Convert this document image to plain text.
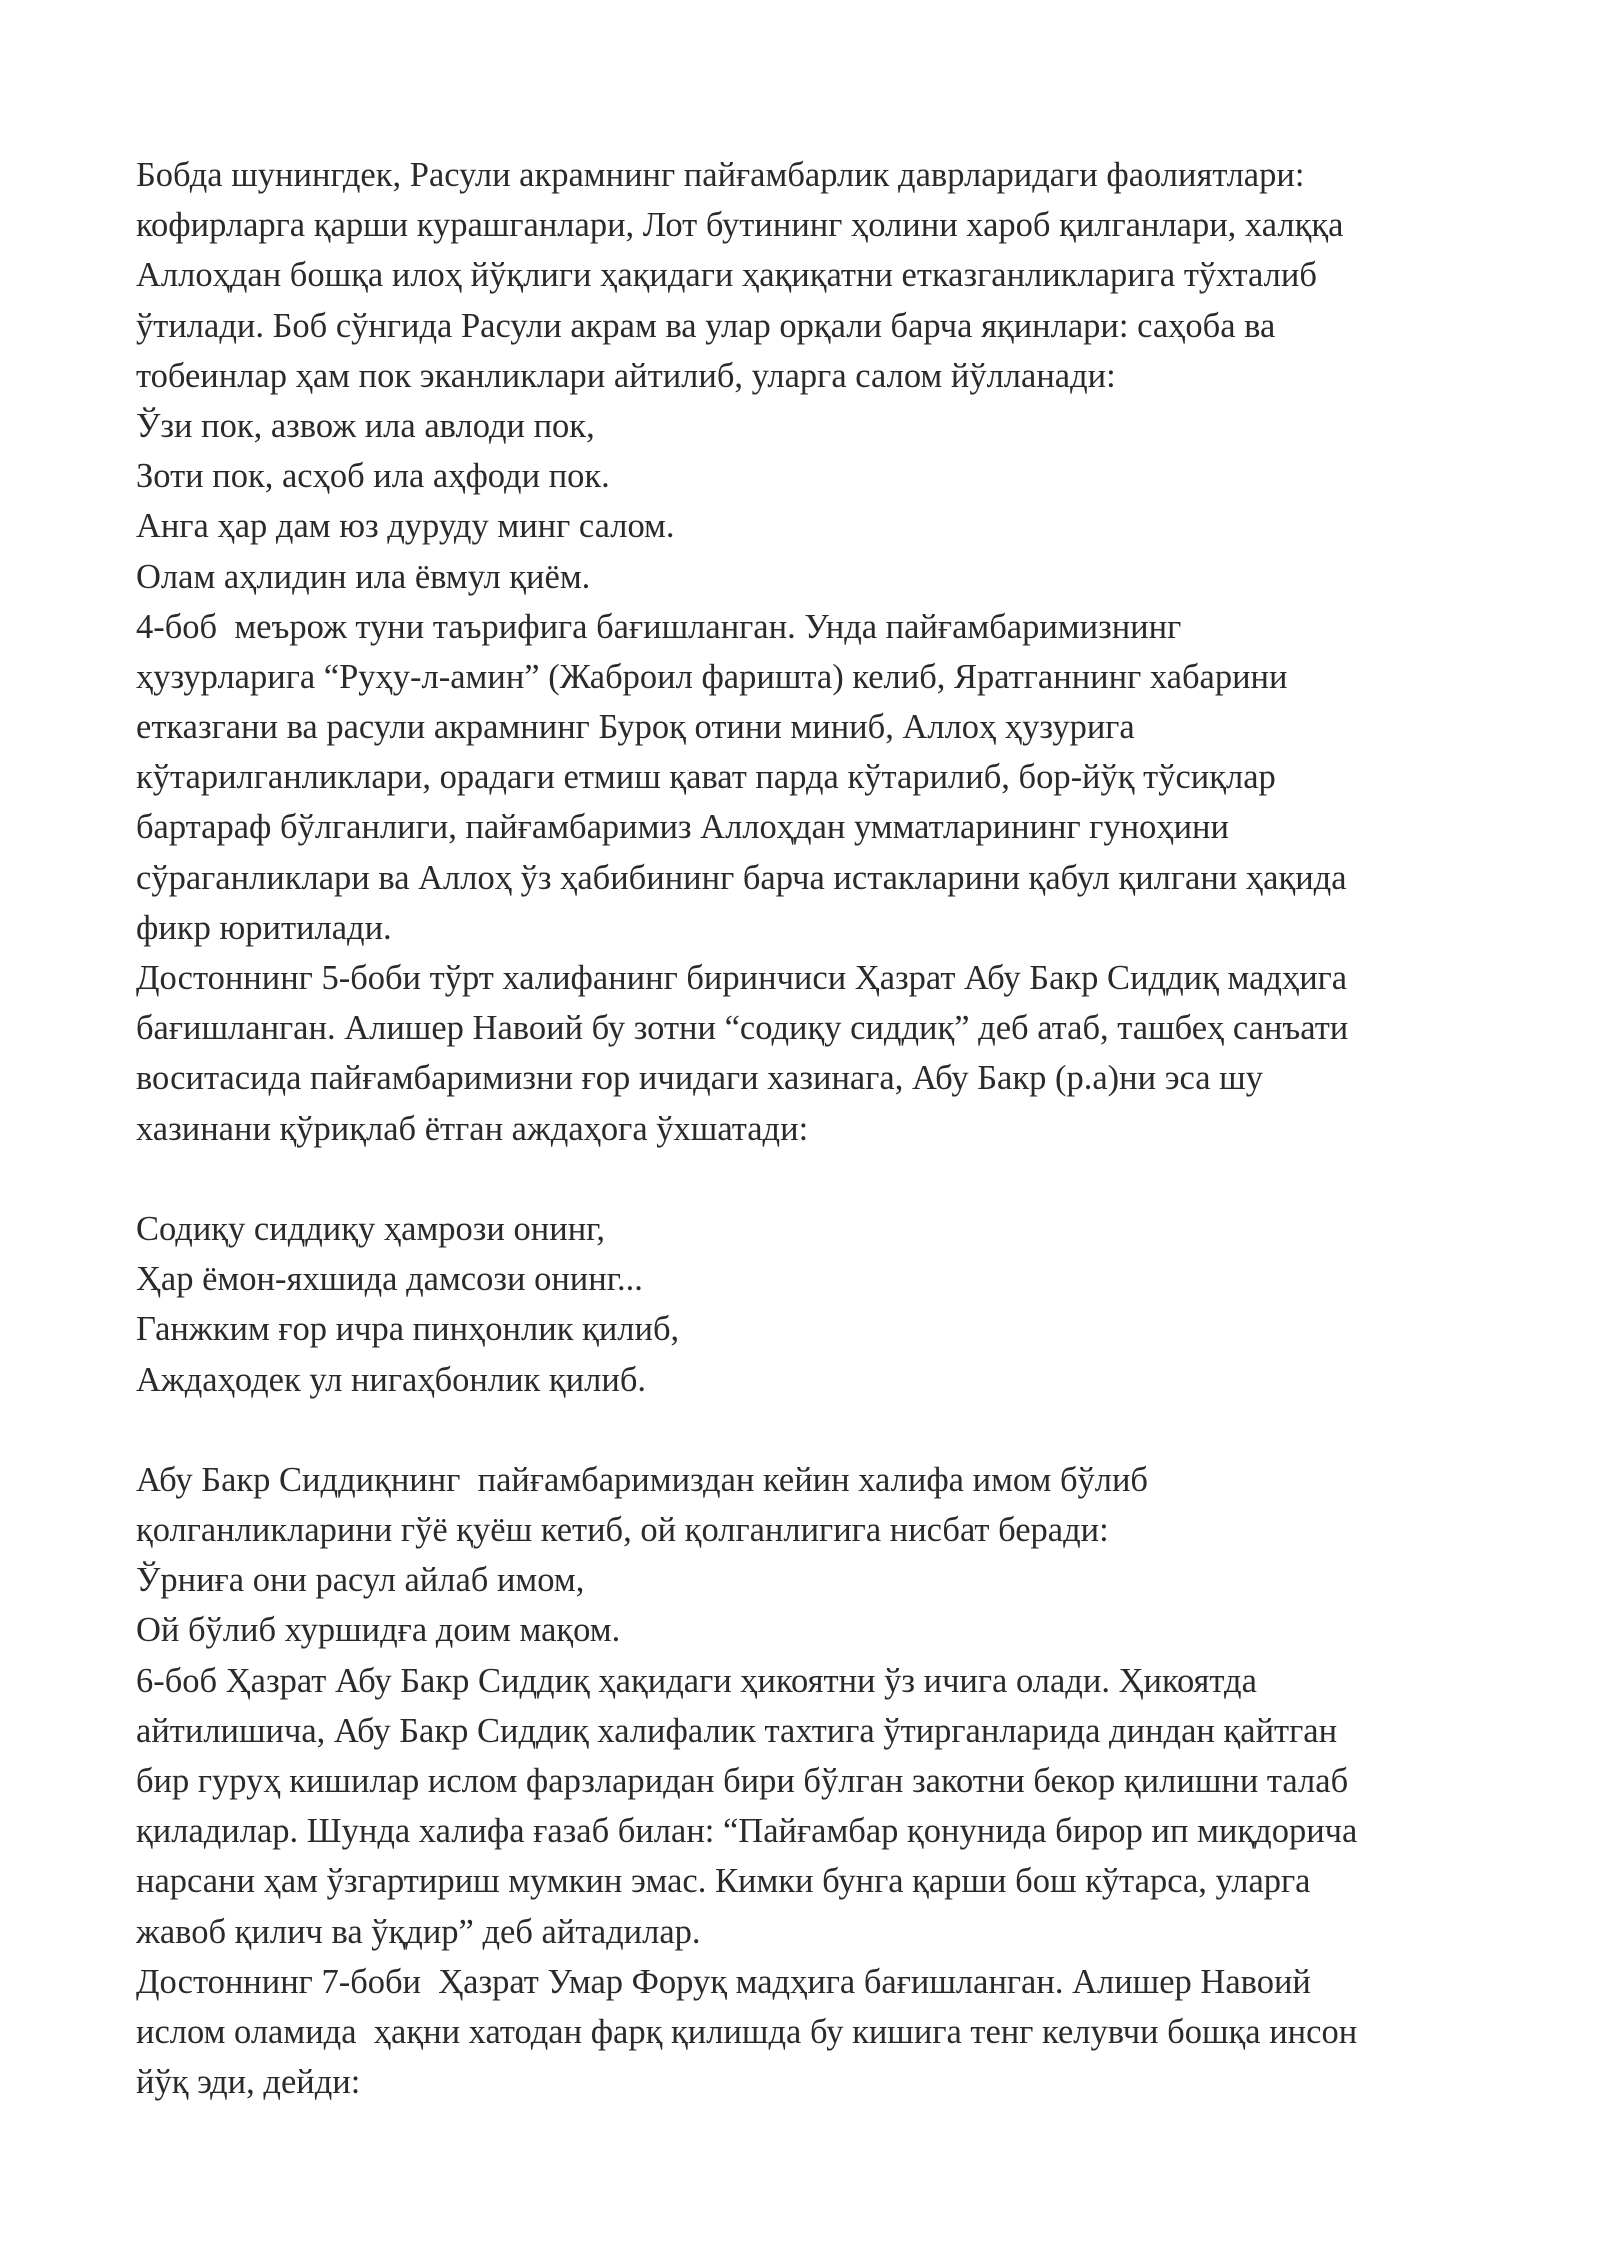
Бобда шунингдек, Расули акрамнинг пайғамбарлик даврларидаги фаолиятлари:
кофирларга қарши курашганлари, Лот бутининг ҳолини хароб қилганлари, халққа
Аллоҳдан бошқа илоҳ йўқлиги ҳақидаги ҳақиқатни етказганликларига тўхталиб
ўтилади. Боб сўнгида Расули акрам ва улар орқали барча яқинлари: саҳоба ва
тобеинлар ҳам пок эканликлари айтилиб, уларга салом йўлланади:
Ўзи пок, азвож ила авлоди пок,
Зоти пок, асҳоб ила аҳфоди пок.
Анга ҳар дам юз дуруду минг салом.
Олам аҳлидин ила ёвмул қиём.
4-боб  меърож туни таърифига бағишланган. Унда пайғамбаримизнинг
ҳузурларига “Руҳу-л-амин” (Жаброил фаришта) келиб, Яратганнинг хабарини
етказгани ва расули акрамнинг Буроқ отини миниб, Аллоҳ ҳузурига
кўтарилганликлари, орадаги етмиш қават парда кўтарилиб, бор-йўқ тўсиқлар
бартараф бўлганлиги, пайғамбаримиз Аллоҳдан умматларининг гуноҳини
сўраганликлари ва Аллоҳ ўз ҳабибининг барча истакларини қабул қилгани ҳақида
фикр юритилади.
Достоннинг 5-боби тўрт халифанинг биринчиси Ҳазрат Абу Бакр Сиддиқ мадҳига
бағишланган. Алишер Навоий бу зотни “содиқу сиддиқ” деб атаб, ташбеҳ санъати
воситасида пайғамбаримизни ғор ичидаги хазинага, Абу Бакр (р.а)ни эса шу
хазинани қўриқлаб ётган аждаҳога ўхшатади:
Содиқу сиддиқу ҳамрози онинг,
Ҳар ёмон-яхшида дамсози онинг...
Ганжким ғор ичра пинҳонлик қилиб,
Аждаҳодек ул нигаҳбонлик қилиб.
Абу Бакр Сиддиқнинг  пайғамбаримиздан кейин халифа имом бўлиб
қолганликларини гўё қуёш кетиб, ой қолганлигига нисбат беради:
Ўрниға они расул айлаб имом,
Ой бўлиб хуршидға доим мақом.
6-боб Ҳазрат Абу Бакр Сиддиқ ҳақидаги ҳикоятни ўз ичига олади. Ҳикоятда
айтилишича, Абу Бакр Сиддиқ халифалик тахтига ўтирганларида диндан қайтган
бир гуруҳ кишилар ислом фарзларидан бири бўлган закотни бекор қилишни талаб
қиладилар. Шунда халифа ғазаб билан: “Пайғамбар қонунида бирор ип миқдорича
нарсани ҳам ўзгартириш мумкин эмас. Кимки бунга қарши бош кўтарса, уларга
жавоб қилич ва ўқдир” деб айтадилар.
Достоннинг 7-боби  Ҳазрат Умар Форуқ мадҳига бағишланган. Алишер Навоий
ислом оламида  ҳақни хатодан фарқ қилишда бу кишига тенг келувчи бошқа инсон
йўқ эди, дейди:
